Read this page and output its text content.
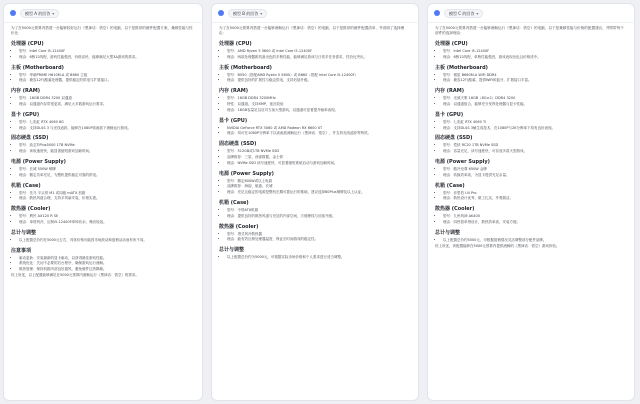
模型 A 的回答 ▾
为了在5000元预算内搭建一台能够较好运行《黑神话：悟空》的电脑，以下是推荐的硬件配置方案，兼顾性能与性价比：
处理器 (CPU)
• 型号：Intel Core i5-12400F
• 理由：6核12线程，游戏性能强劲，价格亲民，能够满足大型3A游戏的需求。
主板 (Motherboard)
• 型号：华硕PRIME H610M-A 或 B660 主板
• 理由：兼容12代酷睿处理器，提供稳定的供电与扩展接口。
内存 (RAM)
• 型号：16GB DDR4 3200 双通道
• 理由：双通道内存带宽更高，满足大多数游戏运行需求。
显卡 (GPU)
• 型号：七彩虹 RTX 4060 8G
• 理由：支持DLSS 3 与光线追踪，能够在1080P高画质下流畅运行游戏。
固态硬盘 (SSD)
• 型号：致态TiPlus5000 1TB NVMe
• 理由：读取速度快，能显著缩短游戏加载时间。
电源 (Power Supply)
• 型号：长城 550W 铜牌
• 理由：额定功率充足，为整机提供稳定可靠的供电。
机箱 (Case)
• 型号：先马 平头哥 M1 或同级 mATX 机箱
• 理由：散热风道合理，支持多风扇安装，价格实惠。
散热器 (Cooler)
• 型号：利民 AX120 R SE
• 理由：单塔风冷，压制i5-12400F绰绰有余，噪音较低。
总计与调整
• 以上配置总价约在5000元左右，具体价格可能因市场波动和促销活动而有所不同。
注意事项
• 驱动更新：安装最新的显卡驱动，以获得最佳游戏性能。
• 系统优化：关闭不必要的后台程序，确保游戏运行流畅。
• 散热管理：保持机箱内部良好通风，避免硬件过热降频。
综上所述，以上配置能够满足在5000元预算内流畅运行《黑神话：悟空》的需求。
模型 B 的回答 ▾
为了在5000元预算内搭建一台能够流畅运行《黑神话：悟空》的电脑，以下是推荐的硬件配置清单，并说明了选择理由：
处理器 (CPU)
• 型号：AMD Ryzen 5 5600 或 Intel Core i5-12400F
• 理由：两款处理器都具备出色的多核性能，能够满足游戏与日常多任务需求，性价比突出。
主板 (Motherboard)
• 型号：B550（搭配AMD Ryzen 5 5600）或 B660（搭配 Intel Core i5-12400F）
• 理由：提供良好的扩展性与稳定供电，支持后续升级。
内存 (RAM)
• 型号：16GB DDR4 3200MHz
• 特性：双通道，支持XMP，延迟较低
• 理由：16GB容量足以应对当前大型游戏，双通道可显著提升帧率表现。
显卡 (GPU)
• NVIDIA GeForce RTX 3060 或 AMD Radeon RX 6600 XT
• 理由：均可在1080P分辨率下以高画质流畅运行《黑神话：悟空》，并支持光线追踪等特效。
固态硬盘 (SSD)
• 型号：512GB或1TB NVMe SSD
• 品牌推荐：三星、西部数据、金士顿
• 理由：NVMe SSD 读写速度快，可显著缩短系统启动与游戏加载时间。
电源 (Power Supply)
• 型号：额定600W或以上电源
• 品牌推荐：海韵、航嘉、长城
• 理由：充足且稳定的电源是整机长期可靠运行的基础，建议选择80Plus铜牌及以上认证。
机箱 (Case)
• 型号：中塔ATX机箱
• 理由：提供良好的散热风道与充足的内部空间，方便理线与后续升级。
散热器 (Cooler)
• 型号：塔式风冷散热器
• 理由：能有效压制处理器温度，保证长时间游戏的稳定性。
总计与调整
• 以上配置总价约为5000元，可根据实际市场价格和个人需求进行适当调整。
模型 C 的回答 ▾
为了在5000元预算内搭建一台能够流畅运行《黑神话：悟空》的电脑，以下是兼顾性能与价格的配置建议，并附带每个部件的选择理由：
处理器 (CPU)
• 型号：Intel Core i5-12400F
• 理由：6核12线程，单核性能强劲，游戏表现出色且价格适中。
主板 (Motherboard)
• 型号：微星 B660M-A WiFi DDR4
• 理由：兼容12代酷睿，提供WiFi和蓝牙，扩展接口丰富。
内存 (RAM)
• 型号：光威天策 16GB（8G×2）DDR4 3200
• 理由：双通道组合，能够充分发挥处理器与显卡性能。
显卡 (GPU)
• 型号：七彩虹 RTX 4060 Ti
• 理由：支持DLSS 3帧生成技术，在1080P与2K分辨率下均有良好表现。
固态硬盘 (SSD)
• 型号：铠侠 RC20 1TB NVMe SSD
• 理由：容量充足，读写速度快，可存放多款大型游戏。
电源 (Power Supply)
• 型号：酷冷至尊 650W 金牌
• 理由：转换效率高，为显卡提供充足余量。
机箱 (Case)
• 型号：乔思伯 U4 Pro
• 理由：散热设计优秀，做工扎实，外观简洁。
散热器 (Cooler)
• 型号：九州风神 AK400
• 理由：四热管单塔设计，散热效率高，安装方便。
总计与调整
• 以上配置总价约5000元，可根据促销情况灵活调整部分配件品牌。
综上所述，该配置能够在5000元预算内提供流畅的《黑神话：悟空》游戏体验。
